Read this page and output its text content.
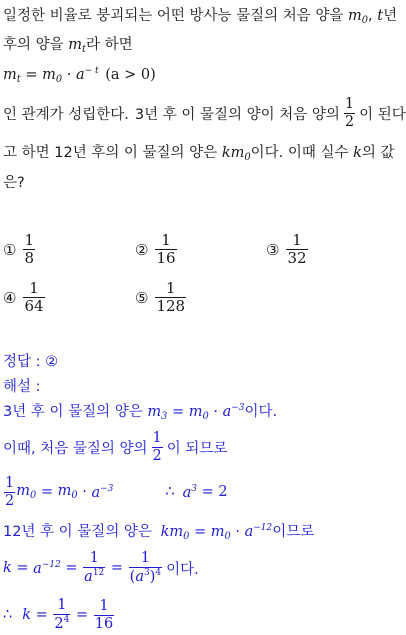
일정한 비율로 붕괴되는 어떤 방사능 물질의 처음 양을 $m_0$, t년
후의 양을 $m_t$라 하면
$m_t = m_0 \cdot a^{- t}$ (a > 0)
인 관계가 성립한다. 3년 후 이 물질의 양이 처음 양의 $\frac{1}{2}$ 이 된다
고 하면 12년 후의 이 물질의 양은 $km_0$이다. 이때 실수 k의 값
은?
① $\frac{1}{8}$	② $\frac{1}{16}$	③ $\frac{1}{32}$
④ $\frac{1}{64}$	⑤ $\frac{1}{128}$
정답 : ②
해설 :
3년 후 이 물질의 양은 $m_3 = m_0 \cdot a^{-3}$이다.
이때, 처음 물질의 양의 $\frac{1}{2}$ 이 되므로
$\frac{1}{2} m_0 = m_0 \cdot a^{-3}$	∴ $a^3 = 2$
12년 후 이 물질의 양은 $km_0 = m_0 \cdot a^{-12}$이므로
$k = a^{-12} = \frac{1}{a^{12}} = \frac{1}{(a^3)^4}$ 이다.
∴ $k = \frac{1}{2^4} = \frac{1}{16}$
